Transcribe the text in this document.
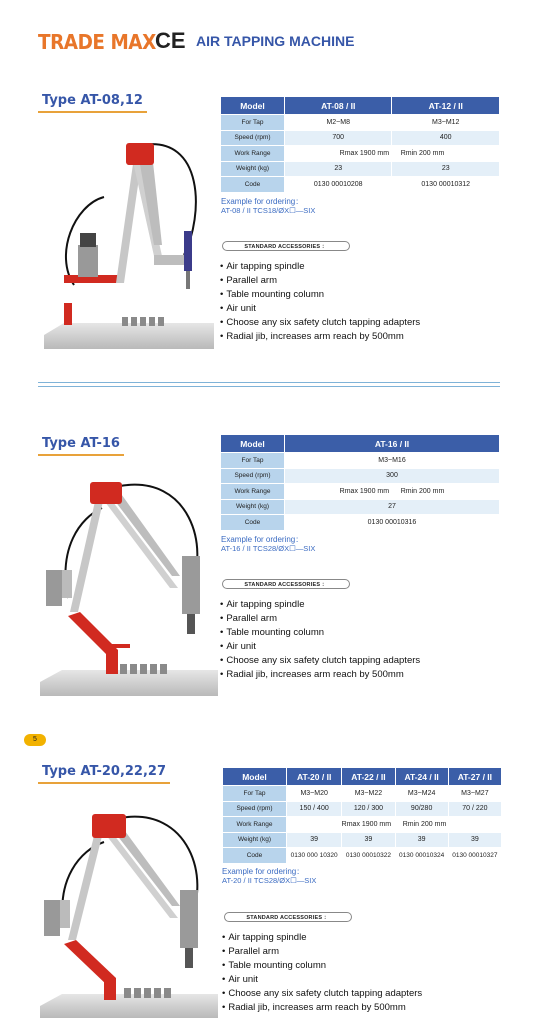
TRADE MAX CE AIR TAPPING MACHINE
Type AT-08,12	Model	AT-08 / II	AT-12 / II
For Tap	M2~M8	M3~M12
Speed (rpm)	700	400
Work Range	Rmax 1900 mm      Rmin 200 mm	
Weight (kg)	23	23
Code	0130 00010208	0130 00010312
Example for ordering：
AT-08 / II TCS18/ØX☐—SIX
STANDARD ACCESSORIES ：
• Air tapping spindle
• Parallel arm
• Table mounting column
• Air unit
• Choose any six safety clutch tapping adapters
• Radial jib, increases arm reach by 500mm
Type AT-16	Model	AT-16 / II
For Tap	M3~M16
Speed (rpm)	300
Work Range	Rmax 1900 mm      Rmin 200 mm
Weight (kg)	27
Code	0130 00010316
Example for ordering：
AT-16 / II TCS28/ØX☐—SIX
STANDARD ACCESSORIES ：
• Air tapping spindle
• Parallel arm
• Table mounting column
• Air unit
• Choose any six safety clutch tapping adapters
• Radial jib, increases arm reach by 500mm
5
Type AT-20,22,27	Model	AT-20 / II	AT-22 / II	AT-24 / II	AT-27 / II
For Tap	M3~M20	M3~M22	M3~M24	M3~M27
Speed (rpm)	150 / 400	120 / 300	90/280	70 / 220
Work Range	Rmax 1900 mm      Rmin 200 mm			
Weight (kg)	39	39	39	39
Code	0130 000 10320	0130 00010322	0130 00010324	0130 00010327
Example for ordering：
AT-20 / II TCS28/ØX☐—SIX
STANDARD ACCESSORIES ：
• Air tapping spindle
• Parallel arm
• Table mounting column
• Air unit
• Choose any six safety clutch tapping adapters
• Radial jib, increases arm reach by 500mm
